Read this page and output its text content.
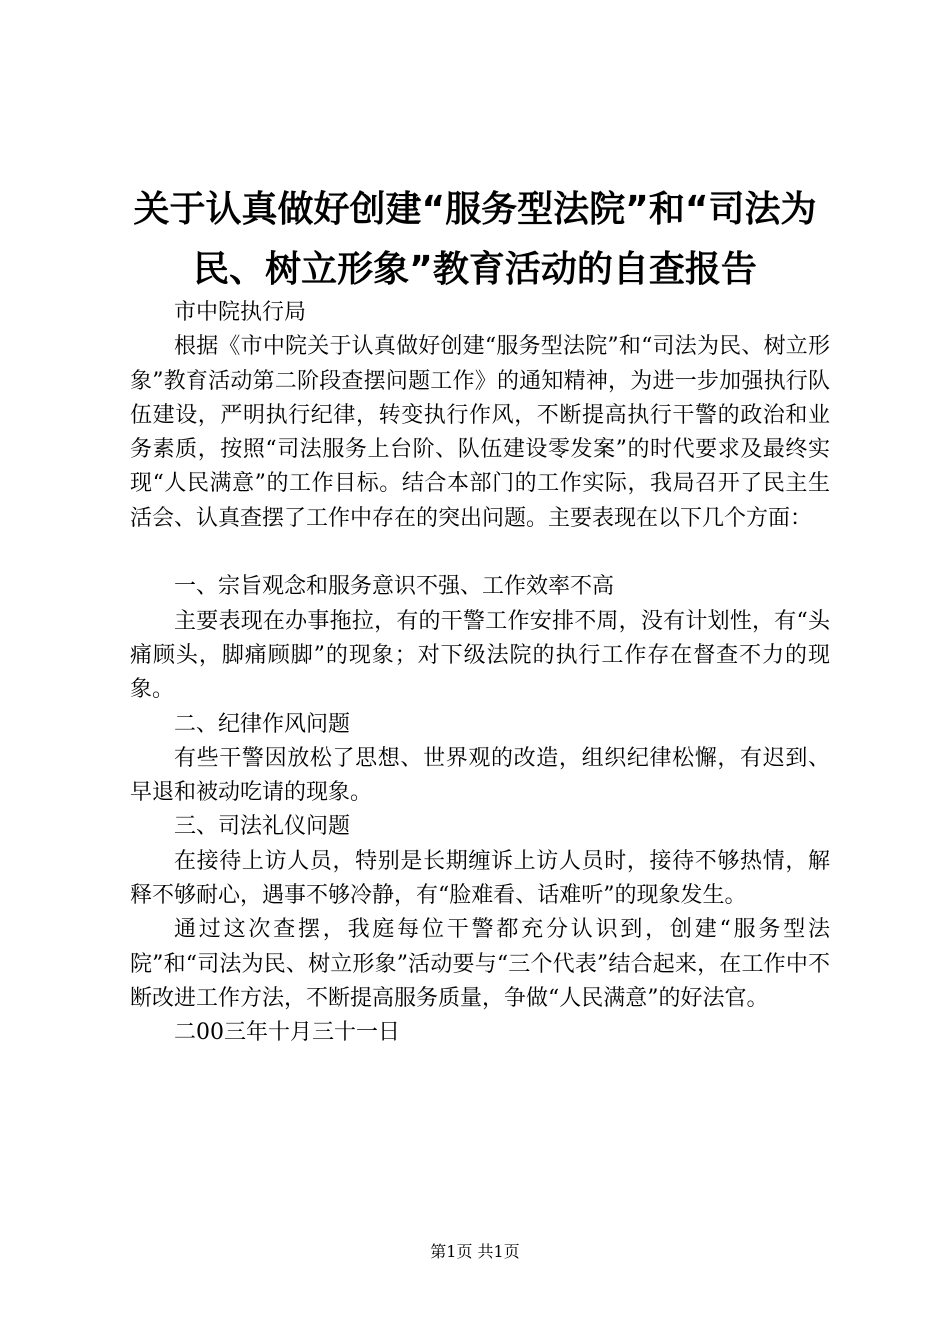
关于认真做好创建“服务型法院”和“司法为
民、树立形象”教育活动的自查报告

市中院执行局

根据《市中院关于认真做好创建“服务型法院”和“司法为民、树立形象”教育活动第二阶段查摆问题工作》的通知精神，为进一步加强执行队伍建设，严明执行纪律，转变执行作风，不断提高执行干警的政治和业务素质，按照“司法服务上台阶、队伍建设零发案”的时代要求及最终实现“人民满意”的工作目标。结合本部门的工作实际，我局召开了民主生活会、认真查摆了工作中存在的突出问题。主要表现在以下几个方面：

一、宗旨观念和服务意识不强、工作效率不高

主要表现在办事拖拉，有的干警工作安排不周，没有计划性，有“头痛顾头，脚痛顾脚”的现象；对下级法院的执行工作存在督查不力的现象。

二、纪律作风问题

有些干警因放松了思想、世界观的改造，组织纪律松懈，有迟到、早退和被动吃请的现象。

三、司法礼仪问题

在接待上访人员，特别是长期缠诉上访人员时，接待不够热情，解释不够耐心，遇事不够冷静，有“脸难看、话难听”的现象发生。

通过这次查摆，我庭每位干警都充分认识到，创建“服务型法院”和“司法为民、树立形象”活动要与“三个代表”结合起来，在工作中不断改进工作方法，不断提高服务质量，争做“人民满意”的好法官。

二00三年十月三十一日

第1页 共1页
